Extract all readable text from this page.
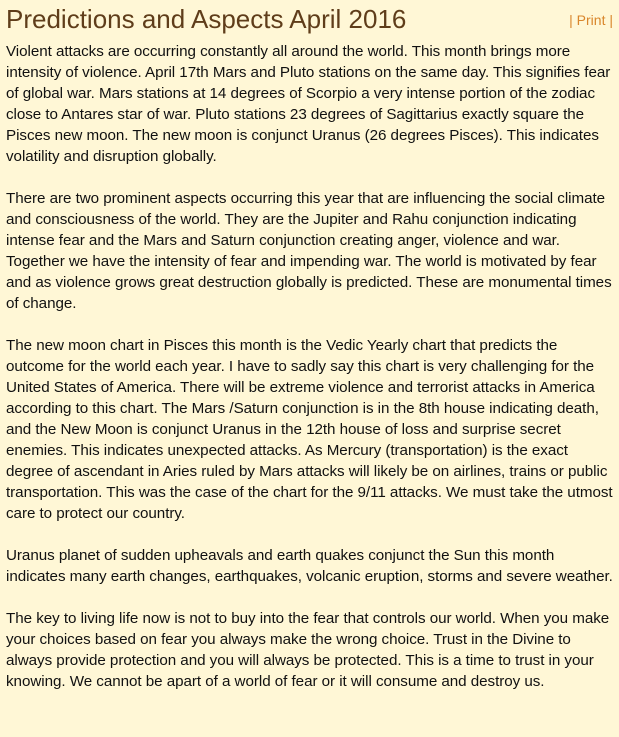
Predictions and Aspects April 2016	| Print |

Violent attacks are occurring constantly all around the world. This month brings more intensity of violence. April 17th Mars and Pluto stations on the same day. This signifies fear of global war. Mars stations at 14 degrees of Scorpio a very intense portion of the zodiac close to Antares star of war. Pluto stations 23 degrees of Sagittarius exactly square the Pisces new moon. The new moon is conjunct Uranus (26 degrees Pisces). This indicates volatility and disruption globally.

There are two prominent aspects occurring this year that are influencing the social climate and consciousness of the world. They are the Jupiter and Rahu conjunction indicating intense fear and the Mars and Saturn conjunction creating anger, violence and war. Together we have the intensity of fear and impending war. The world is motivated by fear and as violence grows great destruction globally is predicted. These are monumental times of change.

The new moon chart in Pisces this month is the Vedic Yearly chart that predicts the outcome for the world each year. I have to sadly say this chart is very challenging for the United States of America. There will be extreme violence and terrorist attacks in America according to this chart. The Mars /Saturn conjunction is in the 8th house indicating death, and the New Moon is conjunct Uranus in the 12th house of loss and surprise secret enemies. This indicates unexpected attacks. As Mercury (transportation) is the exact degree of ascendant in Aries ruled by Mars attacks will likely be on airlines, trains or public transportation. This was the case of the chart for the 9/11 attacks. We must take the utmost care to protect our country.

Uranus planet of sudden upheavals and earth quakes conjunct the Sun this month indicates many earth changes, earthquakes, volcanic eruption, storms and severe weather.

The key to living life now is not to buy into the fear that controls our world. When you make your choices based on fear you always make the wrong choice. Trust in the Divine to always provide protection and you will always be protected. This is a time to trust in your knowing. We cannot be apart of a world of fear or it will consume and destroy us.
